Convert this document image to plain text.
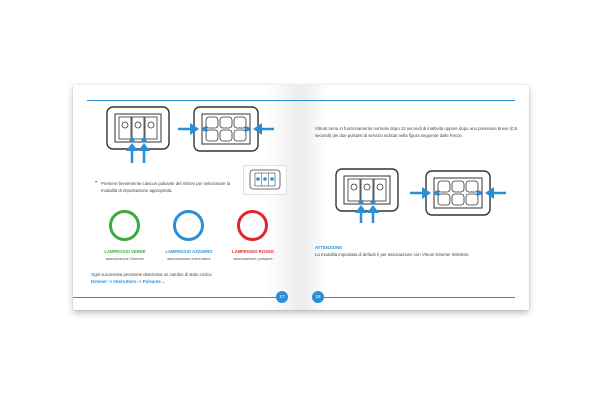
• Premere brevemente ciascun pulsante del Vitrum per selezionare la modalità di impostazione appropriata.
LAMPEGGIO VERDE	LAMPEGGIO AZZURRO	LAMPEGGIO ROSSO
associazione Dimmer	associazione interruttore	associazione pulsante
Ogni successiva pressione determina un cambio di stato ciclico:
Dimmer -> Interruttore -> Pulsante ...
17
Vitrum torna in funzionamento normale dopo 12 secondi di inattività oppure dopo una pressione breve (0,5 secondi) dei due pulsanti di servizio indicati nella figura seguente dalle frecce.
ATTENZIONE
La modalità impostata di default è per associazione con Vitrum Dimmer Wireless.
18
